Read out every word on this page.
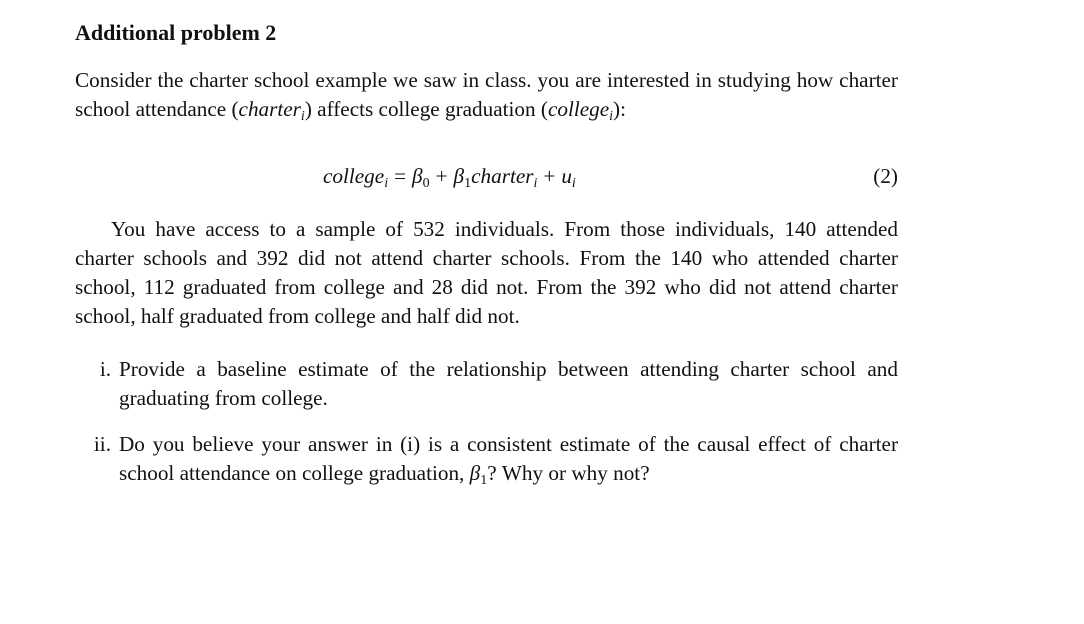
Additional problem 2

Consider the charter school example we saw in class. you are interested in studying how charter school attendance (charter$_i$) affects college graduation (college$_i$):

college$_i$ = $\beta_0$ + $\beta_1charter_i + u_i$	(2)

You have access to a sample of 532 individuals. From those individuals, 140 attended charter schools and 392 did not attend charter schools. From the 140 who attended charter school, 112 graduated from college and 28 did not. From the 392 who did not attend charter school, half graduated from college and half did not.

i. Provide a baseline estimate of the relationship between attending charter school and graduating from college.
ii. Do you believe your answer in (i) is a consistent estimate of the causal effect of charter school attendance on college graduation, $\beta_1$? Why or why not?
